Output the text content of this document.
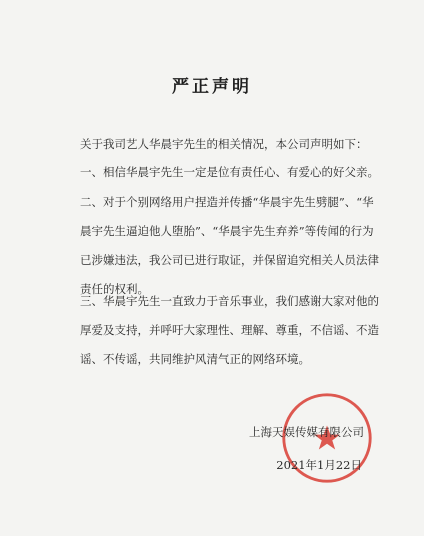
严正声明

关于我司艺人华晨宇先生的相关情况，本公司声明如下：

一、相信华晨宇先生一定是位有责任心、有爱心的好父亲。

二、对于个别网络用户捏造并传播“华晨宇先生劈腿”、“华晨宇先生逼迫他人堕胎”、“华晨宇先生弃养”等传闻的行为已涉嫌违法，我公司已进行取证，并保留追究相关人员法律责任的权利。

三、华晨宇先生一直致力于音乐事业，我们感谢大家对他的厚爱及支持，并呼吁大家理性、理解、尊重，不信谣、不造谣、不传谣，共同维护风清气正的网络环境。

上海天娱传媒有限公司
2021年1月22日
